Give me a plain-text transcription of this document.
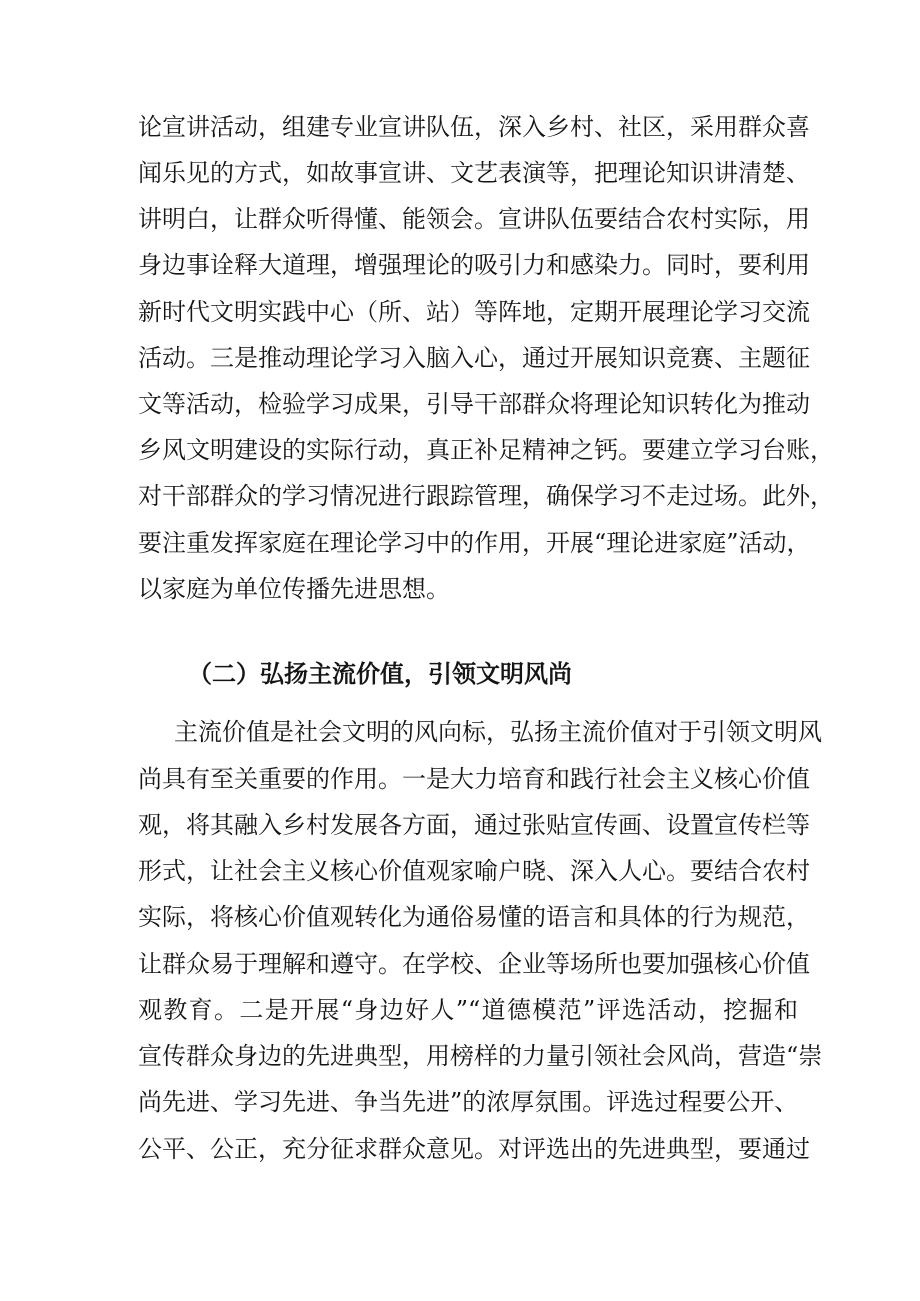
论宣讲活动，组建专业宣讲队伍，深入乡村、社区，采用群众喜
闻乐见的方式，如故事宣讲、文艺表演等，把理论知识讲清楚、
讲明白，让群众听得懂、能领会。宣讲队伍要结合农村实际，用
身边事诠释大道理，增强理论的吸引力和感染力。同时，要利用
新时代文明实践中心（所、站）等阵地，定期开展理论学习交流
活动。三是推动理论学习入脑入心，通过开展知识竞赛、主题征
文等活动，检验学习成果，引导干部群众将理论知识转化为推动
乡风文明建设的实际行动，真正补足精神之钙。要建立学习台账，
对干部群众的学习情况进行跟踪管理，确保学习不走过场。此外，
要注重发挥家庭在理论学习中的作用，开展“理论进家庭”活动，
以家庭为单位传播先进思想。
（二）弘扬主流价值，引领文明风尚
主流价值是社会文明的风向标，弘扬主流价值对于引领文明风
尚具有至关重要的作用。一是大力培育和践行社会主义核心价值
观，将其融入乡村发展各方面，通过张贴宣传画、设置宣传栏等
形式，让社会主义核心价值观家喻户晓、深入人心。要结合农村
实际，将核心价值观转化为通俗易懂的语言和具体的行为规范，
让群众易于理解和遵守。在学校、企业等场所也要加强核心价值
观教育。二是开展“身边好人”“道德模范”评选活动，挖掘和
宣传群众身边的先进典型，用榜样的力量引领社会风尚，营造“崇
尚先进、学习先进、争当先进”的浓厚氛围。评选过程要公开、
公平、公正，充分征求群众意见。对评选出的先进典型，要通过
